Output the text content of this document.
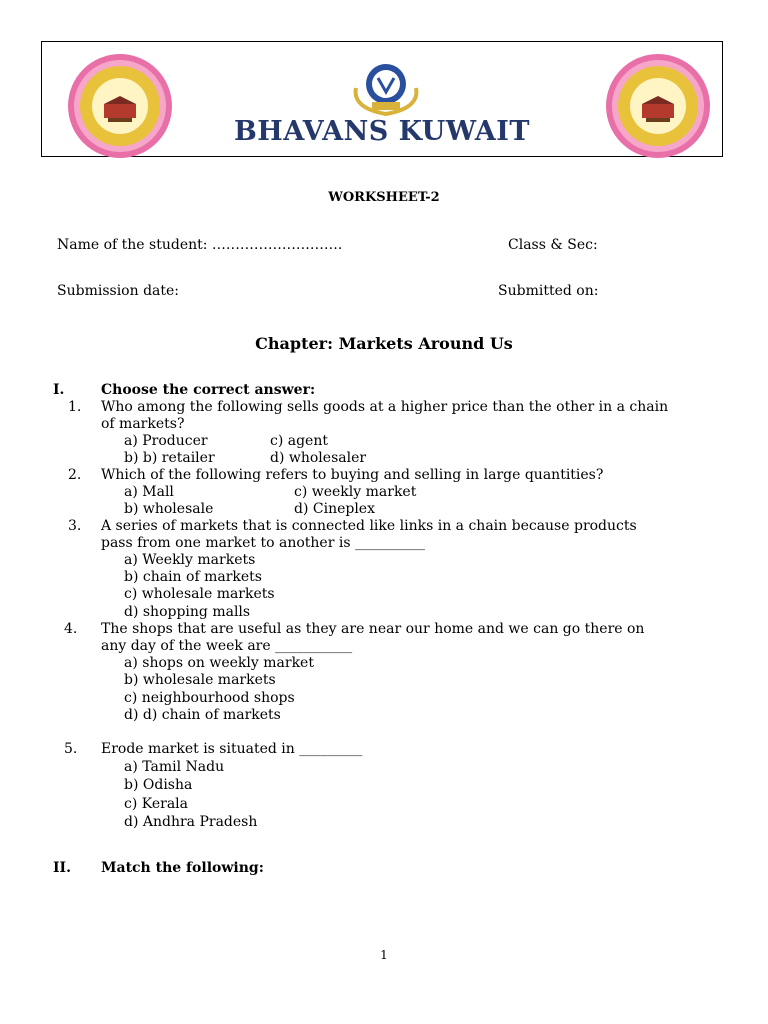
BHAVANS KUWAIT
WORKSHEET-2
Name of the student: ……………………….	Class & Sec:
Submission date:	Submitted on:
Chapter: Markets Around Us
I.	Choose the correct answer:
1. Who among the following sells goods at a higher price than the other in a chain
of markets?
a) Producer	c) agent
b) b) retailer	d) wholesaler
2. Which of the following refers to buying and selling in large quantities?
a) Mall	c) weekly market
b) wholesale	d) Cineplex
3. A series of markets that is connected like links in a chain because products
pass from one market to another is __________
a) Weekly markets
b) chain of markets
c) wholesale markets
d) shopping malls
4. The shops that are useful as they are near our home and we can go there on
any day of the week are ___________
a) shops on weekly market
b) wholesale markets
c) neighbourhood shops
d) d) chain of markets
5. Erode market is situated in _________
a) Tamil Nadu
b) Odisha
c) Kerala
d) Andhra Pradesh
II. Match the following:
1
